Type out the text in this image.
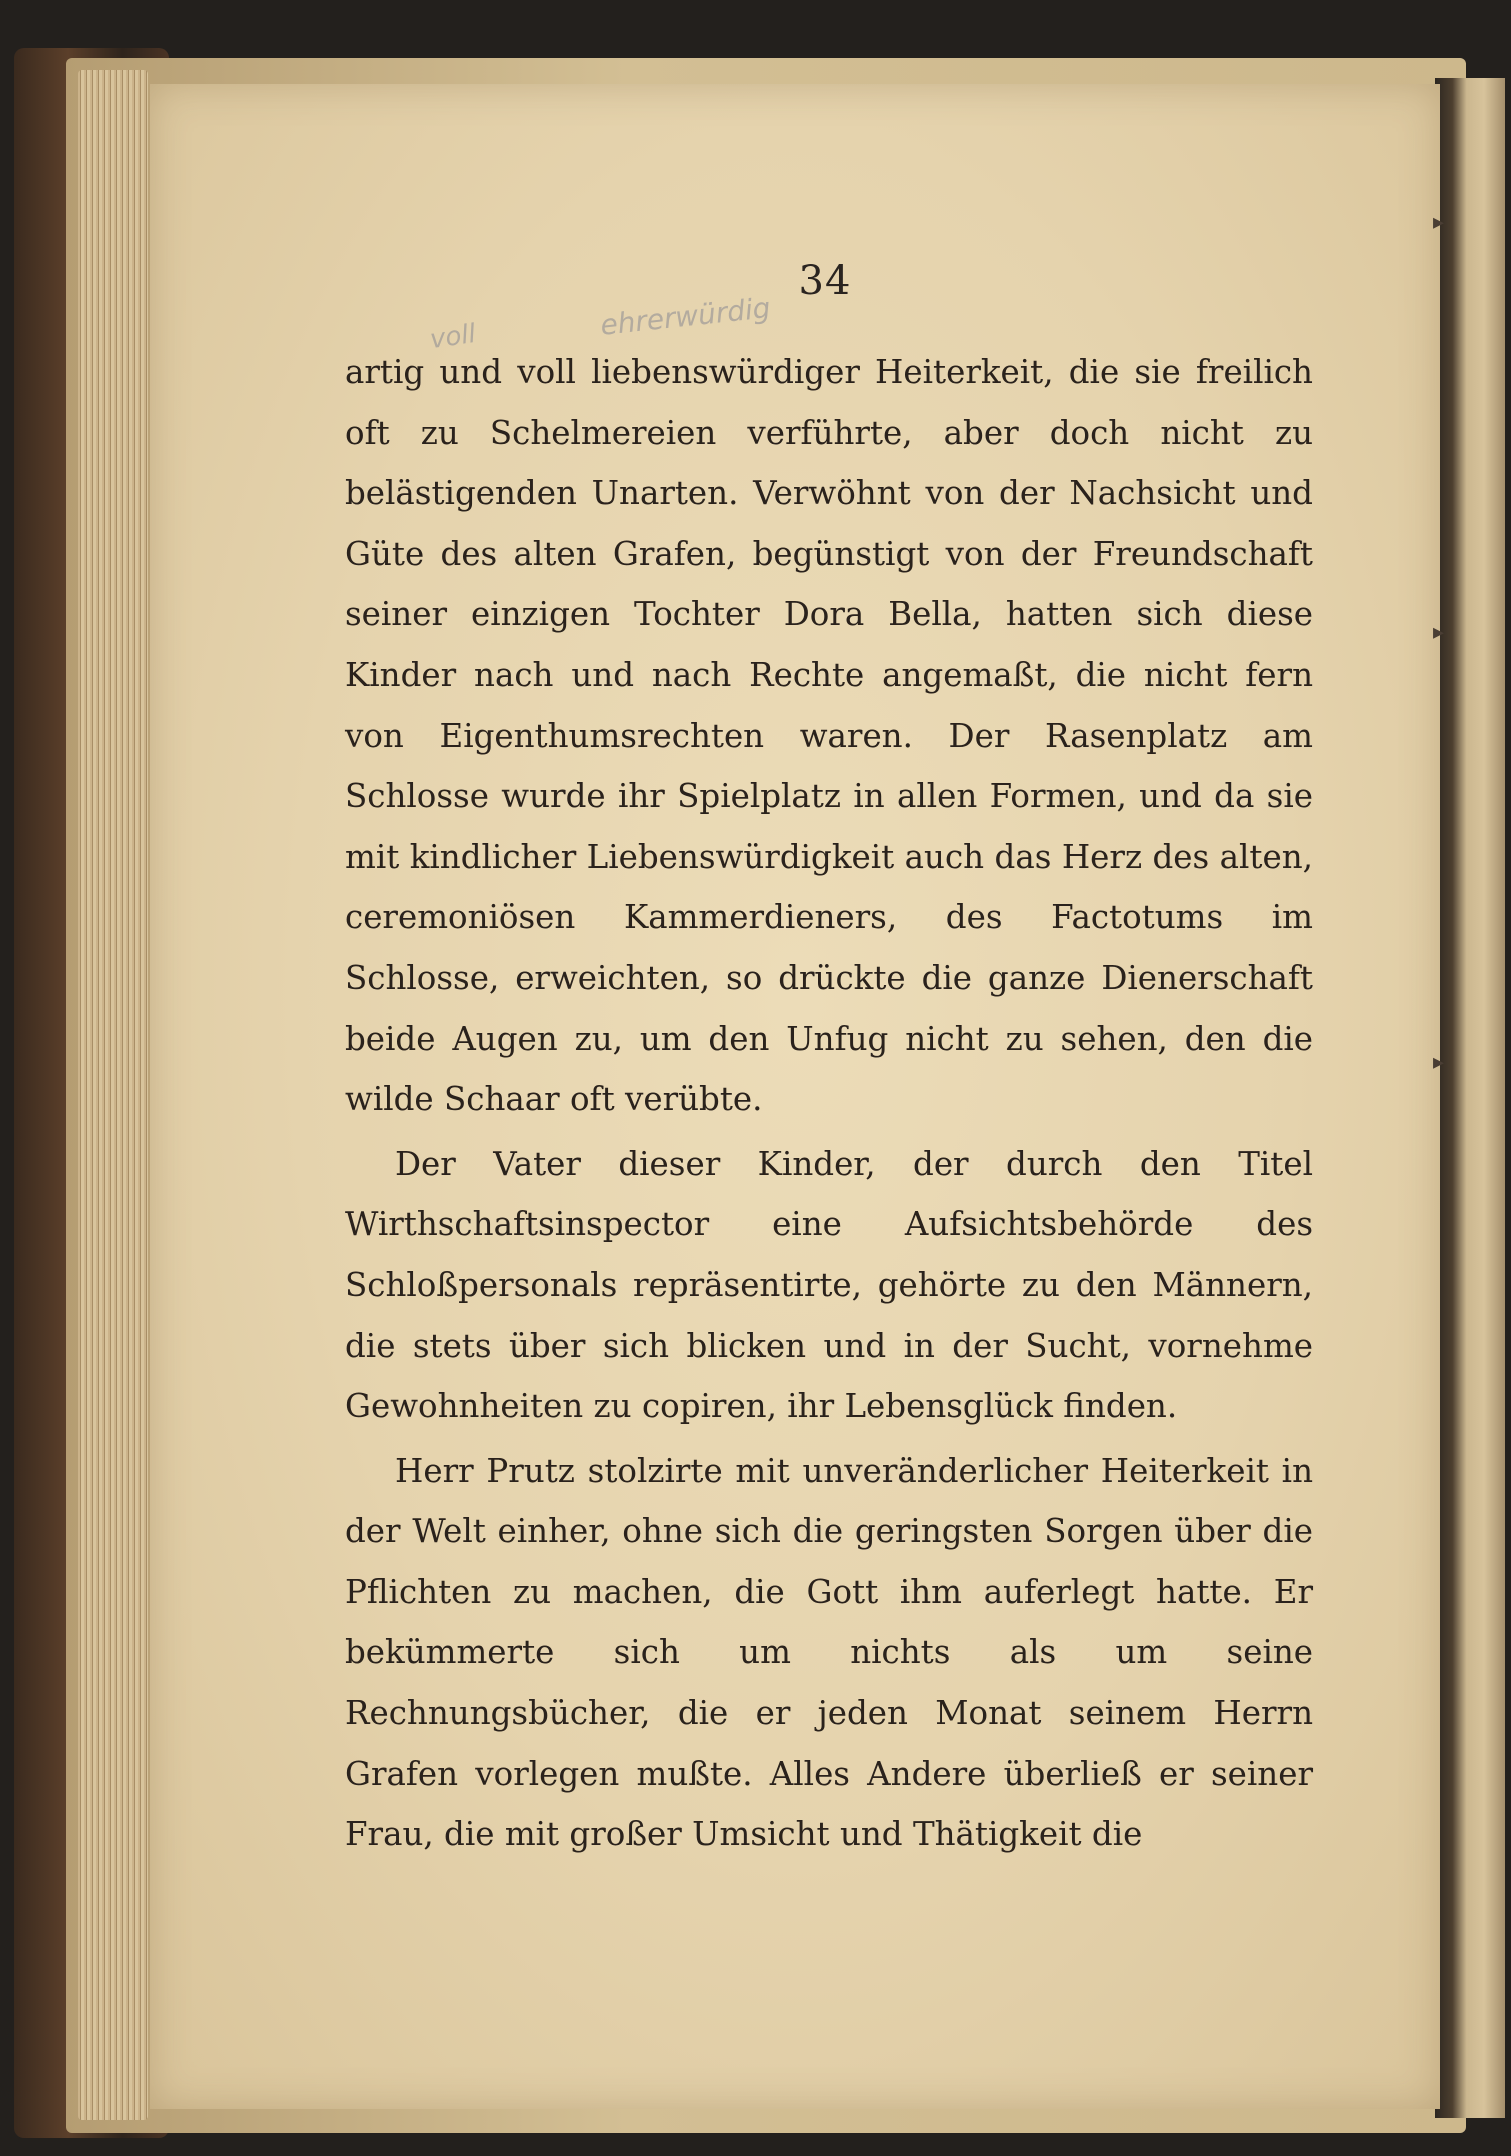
voll	ehrerwürdig
34

artig und voll liebenswürdiger Heiterkeit, die sie freilich oft zu Schelmereien verführte, aber doch nicht zu belästigenden Unarten. Verwöhnt von der Nachsicht und Güte des alten Grafen, begünstigt von der Freundschaft seiner einzigen Tochter Dora Bella, hatten sich diese Kinder nach und nach Rechte angemaßt, die nicht fern von Eigenthumsrechten waren. Der Rasenplatz am Schlosse wurde ihr Spielplatz in allen Formen, und da sie mit kindlicher Liebenswürdigkeit auch das Herz des alten, ceremoniösen Kammerdieners, des Factotums im Schlosse, erweichten, so drückte die ganze Dienerschaft beide Augen zu, um den Unfug nicht zu sehen, den die wilde Schaar oft verübte.

Der Vater dieser Kinder, der durch den Titel Wirthschaftsinspector eine Aufsichtsbehörde des Schloßpersonals repräsentirte, gehörte zu den Männern, die stets über sich blicken und in der Sucht, vornehme Gewohnheiten zu copiren, ihr Lebensglück finden.

Herr Prutz stolzirte mit unveränderlicher Heiterkeit in der Welt einher, ohne sich die geringsten Sorgen über die Pflichten zu machen, die Gott ihm auferlegt hatte. Er bekümmerte sich um nichts als um seine Rechnungsbücher, die er jeden Monat seinem Herrn Grafen vorlegen mußte. Alles Andere überließ er seiner Frau, die mit großer Umsicht und Thätigkeit die

▸
▸
▸
